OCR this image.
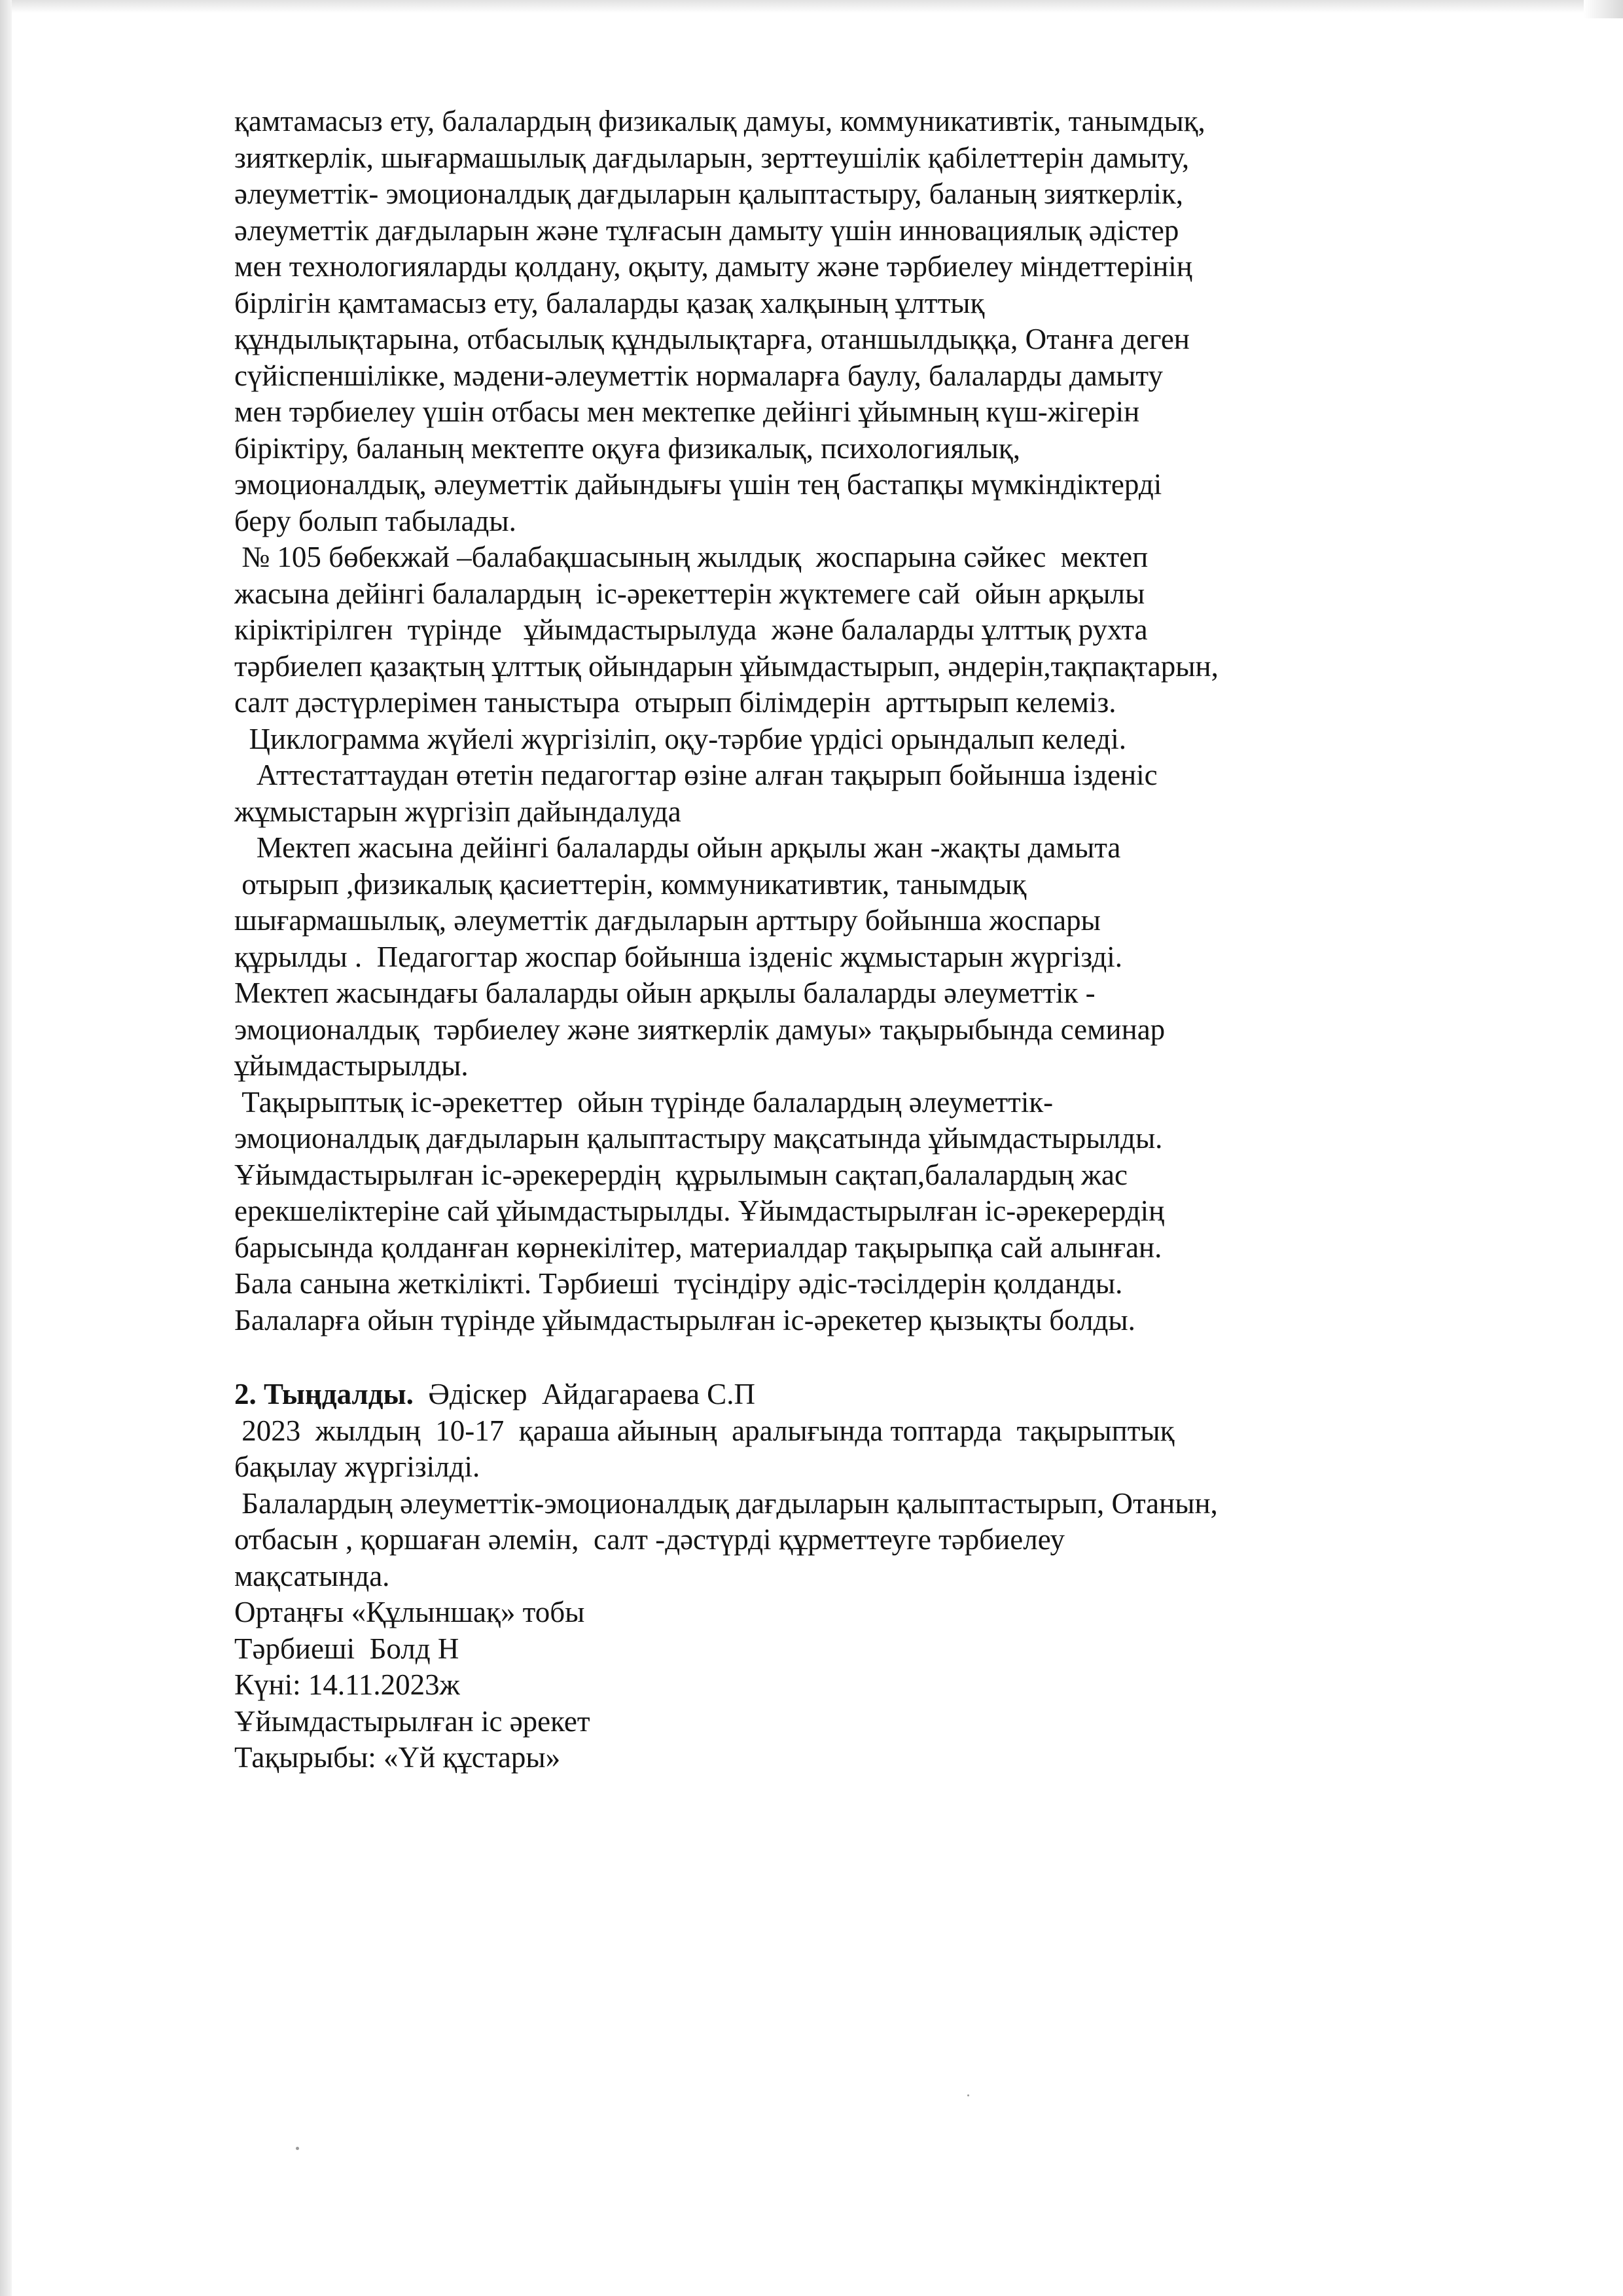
қамтамасыз ету, балалардың физикалық дамуы, коммуникативтік, танымдық,
зияткерлік, шығармашылық дағдыларын, зерттеушілік қабілеттерін дамыту,
әлеуметтік- эмоционалдық дағдыларын қалыптастыру, баланың зияткерлік,
әлеуметтік дағдыларын және тұлғасын дамыту үшін инновациялық әдістер
мен технологияларды қолдану, оқыту, дамыту және тәрбиелеу міндеттерінің
бірлігін қамтамасыз ету, балаларды қазақ халқының ұлттық
құндылықтарына, отбасылық құндылықтарға, отаншылдыққа, Отанға деген
сүйіспеншілікке, мәдени-әлеуметтік нормаларға баулу, балаларды дамыту
мен тәрбиелеу үшін отбасы мен мектепке дейінгі ұйымның күш-жігерін
біріктіру, баланың мектепте оқуға физикалық, психологиялық,
эмоционалдық, әлеуметтік дайындығы үшін тең бастапқы мүмкіндіктерді
беру болып табылады.
№ 105 бөбекжай –балабақшасының жылдық  жоспарына сәйкес  мектеп
жасына дейінгі балалардың  іс-әрекеттерін жүктемеге сай  ойын арқылы
кіріктірілген  түрінде   ұйымдастырылуда  және балаларды ұлттық рухта
тәрбиелеп қазақтың ұлттық ойындарын ұйымдастырып, әндерін,тақпақтарын,
салт дәстүрлерімен таныстыра  отырып білімдерін  арттырып келеміз.
Циклограмма жүйелі жүргізіліп, оқу-тәрбие үрдісі орындалып келеді.
Аттестаттаудан өтетін педагогтар өзіне алған тақырып бойынша ізденіс
жұмыстарын жүргізіп дайындалуда
Мектеп жасына дейінгі балаларды ойын арқылы жан -жақты дамыта
отырып ,физикалық қасиеттерін, коммуникативтик, танымдық
шығармашылық, әлеуметтік дағдыларын арттыру бойынша жоспары
құрылды .  Педагогтар жоспар бойынша ізденіс жұмыстарын жүргізді.
Мектеп жасындағы балаларды ойын арқылы балаларды әлеуметтік -
эмоционалдық  тәрбиелеу және зияткерлік дамуы» тақырыбында семинар
ұйымдастырылды.
Тақырыптық іс-әрекеттер  ойын түрінде балалардың әлеуметтік-
эмоционалдық дағдыларын қалыптастыру мақсатында ұйымдастырылды.
Ұйымдастырылған іс-әрекерердің  құрылымын сақтап,балалардың жас
ерекшеліктеріне сай ұйымдастырылды. Ұйымдастырылған іс-әрекерердің
барысында қолданған көрнекілітер, материалдар тақырыпқа сай алынған.
Бала санына жеткілікті. Тәрбиеші  түсіндіру әдіс-тәсілдерін қолданды.
Балаларға ойын түрінде ұйымдастырылған іс-әрекетер қызықты болды.
2. Тыңдалды.  Әдіскер  Айдагараева С.П
2023  жылдың  10-17  қараша айының  аралығында топтарда  тақырыптық
бақылау жүргізілді.
Балалардың әлеуметтік-эмоционалдық дағдыларын қалыптастырып, Отанын,
отбасын , қоршаған әлемін,  салт -дәстүрді құрметтеуге тәрбиелеу
мақсатында.
Ортаңғы «Құлыншақ» тобы
Тәрбиеші  Болд Н
Күні: 14.11.2023ж
Ұйымдастырылған іс әрекет
Тақырыбы: «Үй құстары»
